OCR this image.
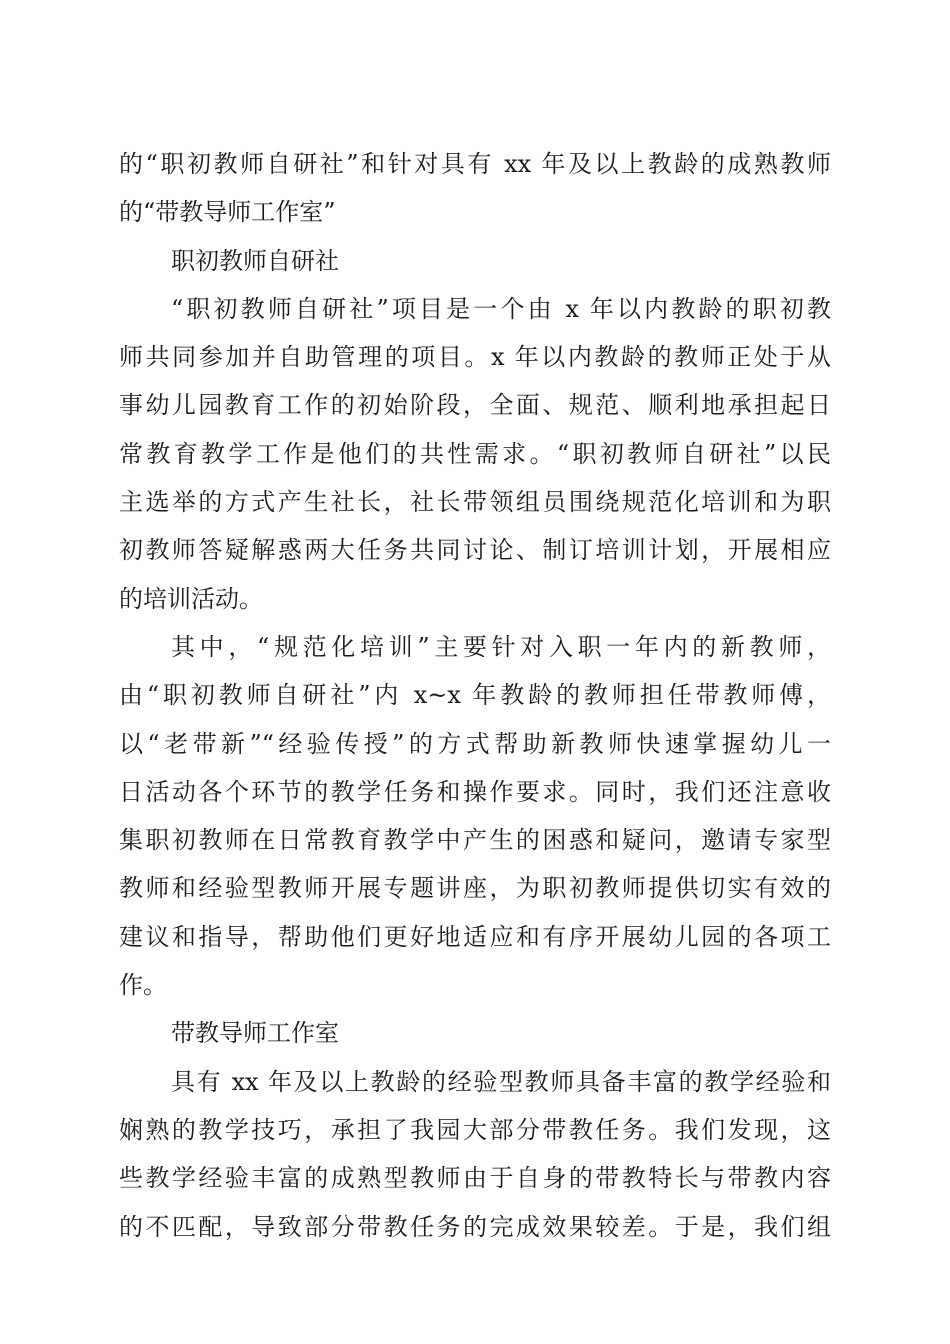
的“职初教师自研社”和针对具有 xx 年及以上教龄的成熟教师
的“带教导师工作室”
职初教师自研社
“职初教师自研社”项目是一个由 x 年以内教龄的职初教
师共同参加并自助管理的项目。x 年以内教龄的教师正处于从
事幼儿园教育工作的初始阶段，全面、规范、顺利地承担起日
常教育教学工作是他们的共性需求。“职初教师自研社”以民
主选举的方式产生社长，社长带领组员围绕规范化培训和为职
初教师答疑解惑两大任务共同讨论、制订培训计划，开展相应
的培训活动。
其中，“规范化培训”主要针对入职一年内的新教师，
由“职初教师自研社”内 x~x 年教龄的教师担任带教师傅，
以“老带新”“经验传授”的方式帮助新教师快速掌握幼儿一
日活动各个环节的教学任务和操作要求。同时，我们还注意收
集职初教师在日常教育教学中产生的困惑和疑问，邀请专家型
教师和经验型教师开展专题讲座，为职初教师提供切实有效的
建议和指导，帮助他们更好地适应和有序开展幼儿园的各项工
作。
带教导师工作室
具有 xx 年及以上教龄的经验型教师具备丰富的教学经验和
娴熟的教学技巧，承担了我园大部分带教任务。我们发现，这
些教学经验丰富的成熟型教师由于自身的带教特长与带教内容
的不匹配，导致部分带教任务的完成效果较差。于是，我们组
